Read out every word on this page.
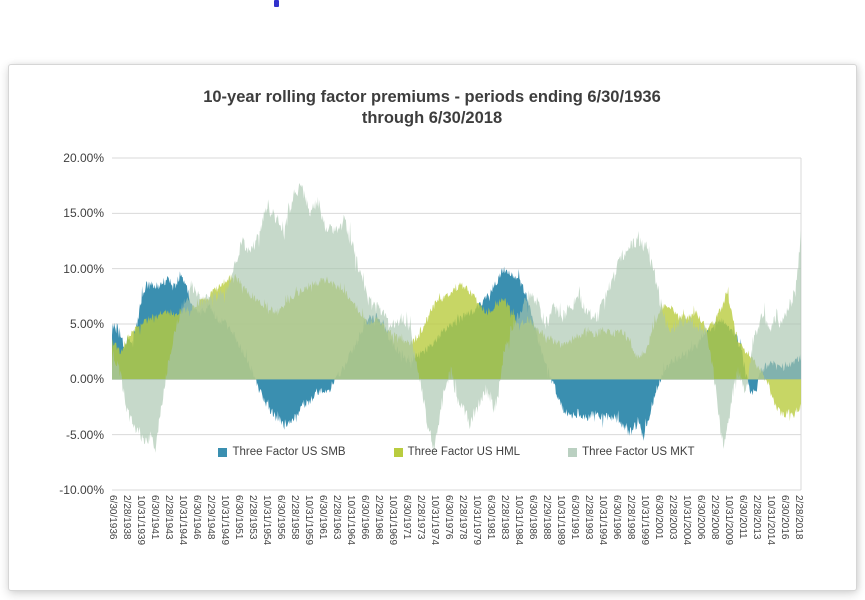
10-year rolling factor premiums - periods ending 6/30/1936
through 6/30/2018
20.00%
15.00%
10.00%
5.00%
0.00%
-5.00%
-10.00%
6/30/1936 2/28/1938 10/31/1939 6/30/1941 2/28/1943 10/31/1944 6/30/1946 2/29/1948 10/31/1949 6/30/1951 2/28/1953 10/31/1954 6/30/1956 2/28/1958 10/31/1959 6/30/1961 2/28/1963 10/31/1964 6/30/1966 2/29/1968 10/31/1969 6/30/1971 2/28/1973 10/31/1974 6/30/1976 2/28/1978 10/31/1979 6/30/1981 2/28/1983 10/31/1984 6/30/1986 2/29/1988 10/31/1989 6/30/1991 2/28/1993 10/31/1994 6/30/1996 2/28/1998 10/31/1999 6/30/2001 2/28/2003 10/31/2004 6/30/2006 2/29/2008 10/31/2009 6/30/2011 2/28/2013 10/31/2014 6/30/2016 2/28/2018
Three Factor US SMB	Three Factor US HML	Three Factor US MKT
